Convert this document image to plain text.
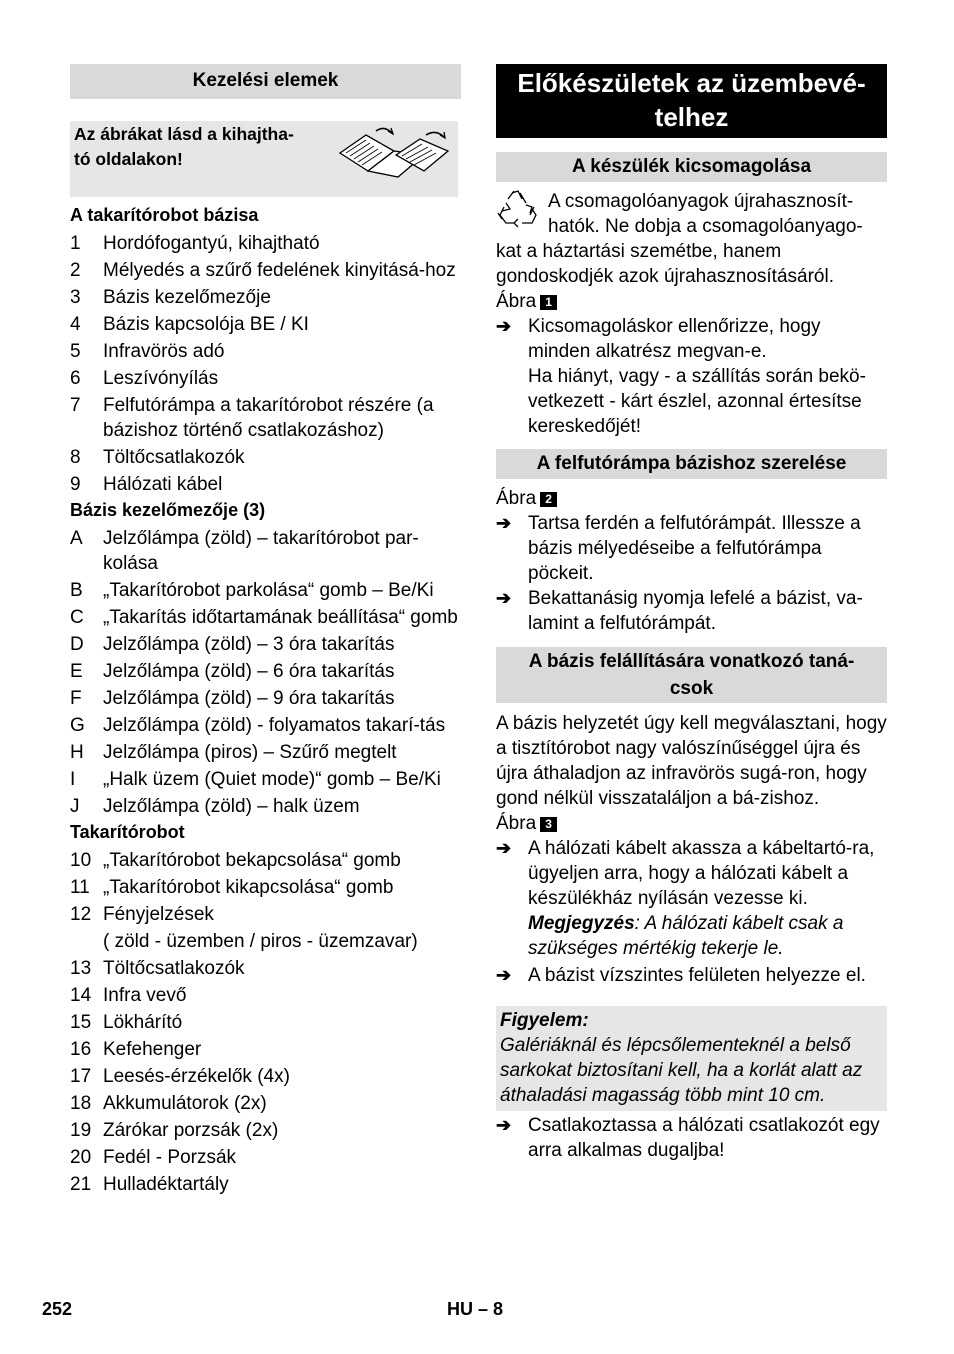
Kezelési elemek
Az ábrákat lásd a kihajtha-
tó oldalakon!
A takarítórobot bázisa
1	Hordófogantyú, kihajtható
2	Mélyedés a szűrő fedelének kinyitásá-hoz
3	Bázis kezelőmezője
4	Bázis kapcsolója BE / KI
5	Infravörös adó
6	Leszívónyílás
7	Felfutórámpa a takarítórobot részére (a bázishoz történő csatlakozáshoz)
8	Töltőcsatlakozók
9	Hálózati kábel
Bázis kezelőmezője (3)
A	Jelzőlámpa (zöld) – takarítórobot par-kolása
B	„Takarítórobot parkolása“ gomb – Be/Ki
C	„Takarítás időtartamának beállítása“ gomb
D	Jelzőlámpa (zöld) – 3 óra takarítás
E	Jelzőlámpa (zöld) – 6 óra takarítás
F	Jelzőlámpa (zöld) – 9 óra takarítás
G Jelzőlámpa (zöld) - folyamatos takarí-tás
H	Jelzőlámpa (piros) – Szűrő megtelt
I	„Halk üzem (Quiet mode)“ gomb – Be/Ki
J	Jelzőlámpa (zöld) – halk üzem
Takarítórobot
10 „Takarítórobot bekapcsolása“ gomb
11 „Takarítórobot kikapcsolása“ gomb
12 Fényjelzések
( zöld - üzemben / piros - üzemzavar)
13 Töltőcsatlakozók
14 Infra vevő
15 Lökhárító
16 Kefehenger
17 Leesés-érzékelők (4x)
18 Akkumulátorok (2x)
19 Zárókar porzsák (2x)
20 Fedél - Porzsák
21 Hulladéktartály
Előkészületek az üzembevé-
telhez
A készülék kicsomagolása
A csomagolóanyagok újrahasznosít-
hatók. Ne dobja a csomagolóanyago-
kat a háztartási szemétbe, hanem gondoskodjék azok újrahasznosításáról.
Ábra 1
➔ Kicsomagoláskor ellenőrizze, hogy minden alkatrész megvan-e.
Ha hiányt, vagy - a szállítás során bekö-vetkezett - kárt észlel, azonnal értesítse kereskedőjét!
A felfutórámpa bázishoz szerelése
Ábra 2
➔ Tartsa ferdén a felfutórámpát. Illessze a bázis mélyedéseibe a felfutórámpa pöckeit.
➔ Bekattanásig nyomja lefelé a bázist, va-lamint a felfutórámpát.
A bázis felállítására vonatkozó taná-
csok
A bázis helyzetét úgy kell megválasztani, hogy a tisztítórobot nagy valószínűséggel újra és újra áthaladjon az infravörös sugá-ron, hogy gond nélkül visszataláljon a bá-zishoz.
Ábra 3
➔ A hálózati kábelt akassza a kábeltartó-ra, ügyeljen arra, hogy a hálózati kábelt a készülékház nyílásán vezesse ki.
Megjegyzés: A hálózati kábelt csak a szükséges mértékig tekerje le.
➔ A bázist vízszintes felületen helyezze el.
Figyelem:
Galériáknál és lépcsőlementeknél a belső sarkokat biztosítani kell, ha a korlát alatt az áthaladási magasság több mint 10 cm.
➔ Csatlakoztassa a hálózati csatlakozót egy arra alkalmas dugaljba!
252	HU – 8
